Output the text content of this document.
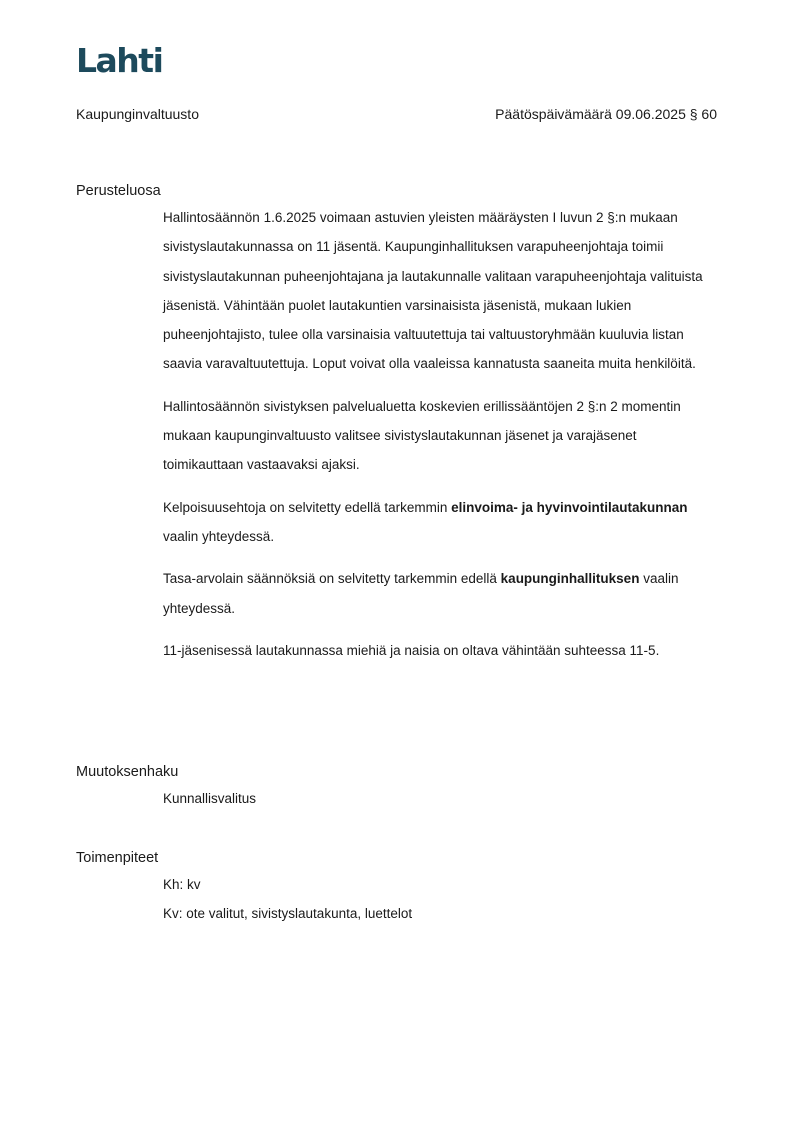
Lahti
Kaupunginvaltuusto	Päätöspäivämäärä 09.06.2025 § 60
Perusteluosa

Hallintosäännön 1.6.2025 voimaan astuvien yleisten määräysten I luvun 2 §:n mukaan sivistyslautakunnassa on 11 jäsentä. Kaupunginhallituksen varapuheenjohtaja toimii sivistyslautakunnan puheenjohtajana ja lautakunnalle valitaan varapuheenjohtaja valituista jäsenistä. Vähintään puolet lautakuntien varsinaisista jäsenistä, mukaan lukien puheenjohtajisto, tulee olla varsinaisia valtuutettuja tai valtuustoryhmään kuuluvia listan saavia varavaltuutettuja. Loput voivat olla vaaleissa kannatusta saaneita muita henkilöitä.

Hallintosäännön sivistyksen palvelualuetta koskevien erillissääntöjen 2 §:n 2 momentin mukaan kaupunginvaltuusto valitsee sivistyslautakunnan jäsenet ja varajäsenet toimikauttaan vastaavaksi ajaksi.

Kelpoisuusehtoja on selvitetty edellä tarkemmin elinvoima- ja hyvinvointilautakunnan vaalin yhteydessä.

Tasa-arvolain säännöksiä on selvitetty tarkemmin edellä kaupunginhallituksen vaalin yhteydessä.

11-jäsenisessä lautakunnassa miehiä ja naisia on oltava vähintään suhteessa 11-5.

Muutoksenhaku
Kunnallisvalitus
Toimenpiteet
Kh: kv
Kv: ote valitut, sivistyslautakunta, luettelot
